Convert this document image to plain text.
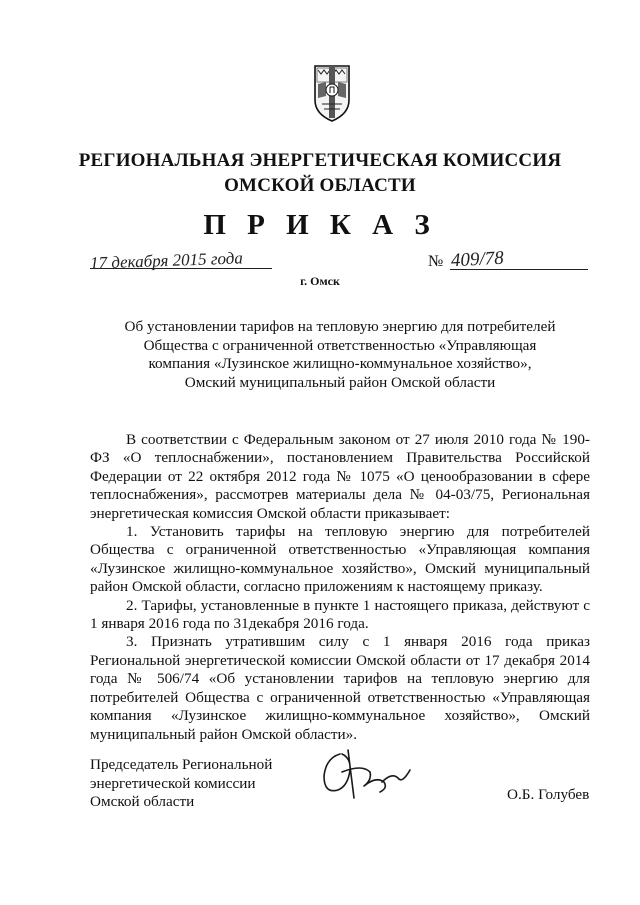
РЕГИОНАЛЬНАЯ ЭНЕРГЕТИЧЕСКАЯ КОМИССИЯ
ОМСКОЙ ОБЛАСТИ
П Р И К А З
17 декабря 2015 года	№ 409/78
г. Омск
Об установлении тарифов на тепловую энергию для потребителей
Общества с ограниченной ответственностью «Управляющая
компания «Лузинское жилищно-коммунальное хозяйство»,
Омский муниципальный район Омской области

В соответствии с Федеральным законом от 27 июля 2010 года № 190-ФЗ «О теплоснабжении», постановлением Правительства Российской Федерации от 22 октября 2012 года № 1075 «О ценообразовании в сфере теплоснабжения», рассмотрев материалы дела № 04-03/75, Региональная энергетическая комиссия Омской области приказывает:

1. Установить тарифы на тепловую энергию для потребителей Общества с ограниченной ответственностью «Управляющая компания «Лузинское жилищно-коммунальное хозяйство», Омский муниципальный район Омской области, согласно приложениям к настоящему приказу.

2. Тарифы, установленные в пункте 1 настоящего приказа, действуют с 1 января 2016 года по 31декабря 2016 года.

3. Признать утратившим силу с 1 января 2016 года приказ Региональной энергетической комиссии Омской области от 17 декабря 2014 года № 506/74 «Об установлении тарифов на тепловую энергию для потребителей Общества с ограниченной ответственностью «Управляющая компания «Лузинское жилищно-коммунальное хозяйство», Омский муниципальный район Омской области».

Председатель Региональной
энергетической комиссии
Омской области	О.Б. Голубев
